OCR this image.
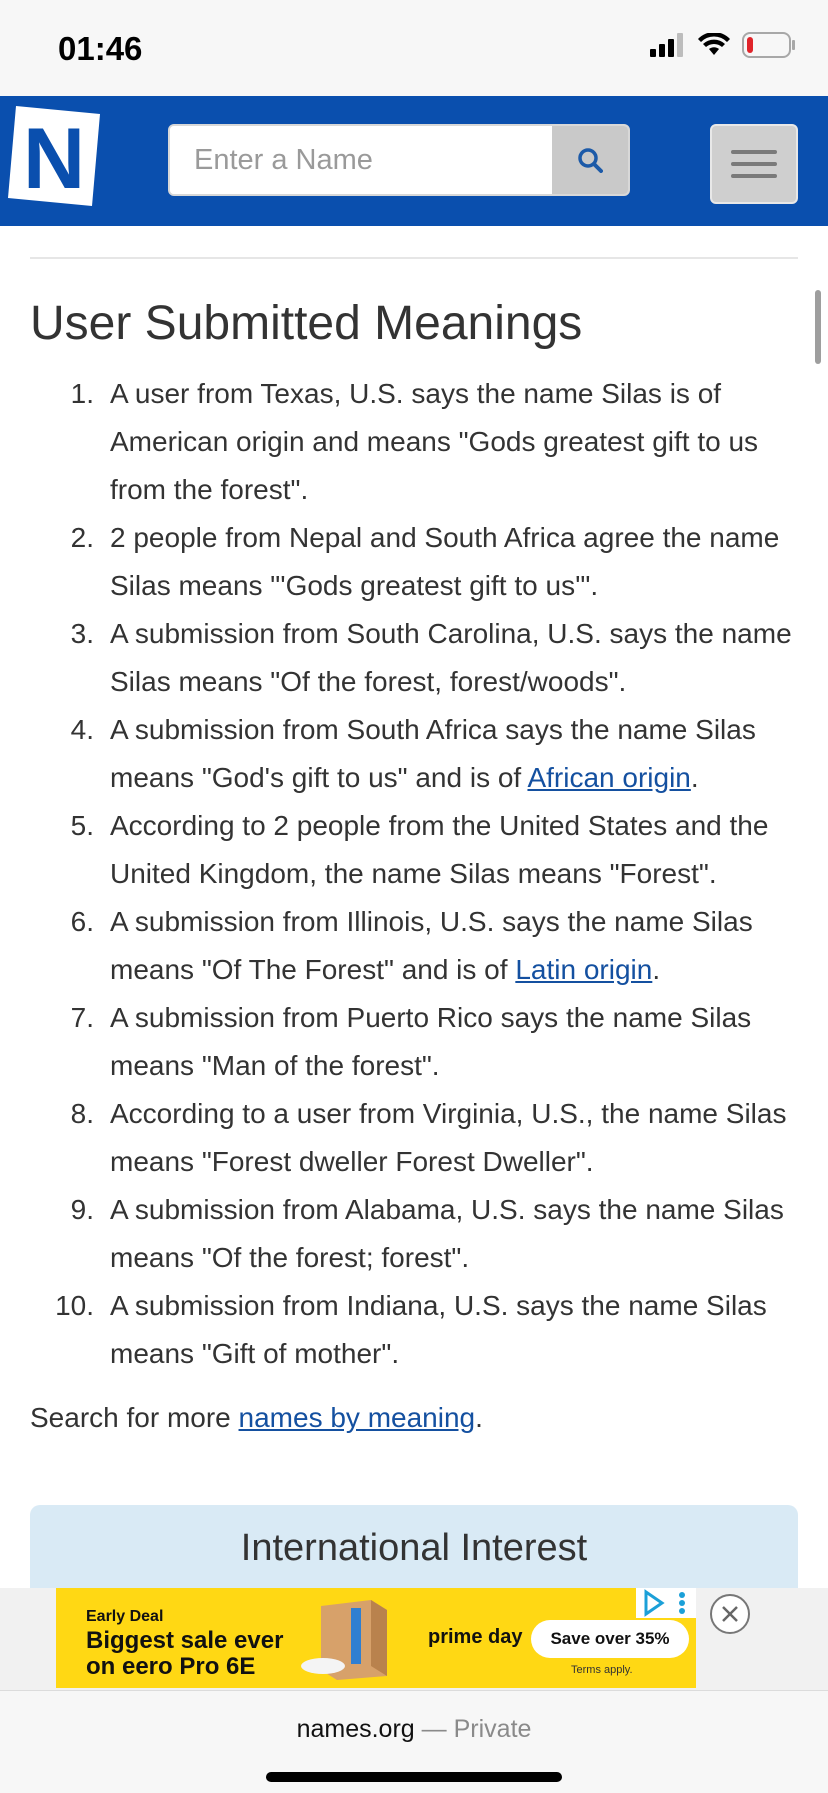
01:46
N
Enter a Name
User Submitted Meanings
1. A user from Texas, U.S. says the name Silas is of American origin and means "Gods greatest gift to us from the forest".
2. 2 people from Nepal and South Africa agree the name Silas means "'Gods greatest gift to us'".
3. A submission from South Carolina, U.S. says the name Silas means "Of the forest, forest/woods".
4. A submission from South Africa says the name Silas means "God's gift to us" and is of African origin.
5. According to 2 people from the United States and the United Kingdom, the name Silas means "Forest".
6. A submission from Illinois, U.S. says the name Silas means "Of The Forest" and is of Latin origin.
7. A submission from Puerto Rico says the name Silas means "Man of the forest".
8. According to a user from Virginia, U.S., the name Silas means "Forest dweller Forest Dweller".
9. A submission from Alabama, U.S. says the name Silas means "Of the forest; forest".
10. A submission from Indiana, U.S. says the name Silas means "Gift of mother".
Search for more names by meaning.
International Interest
Early Deal
Biggest sale ever on eero Pro 6E
prime day	Save over 35%
Terms apply.
names.org — Private
